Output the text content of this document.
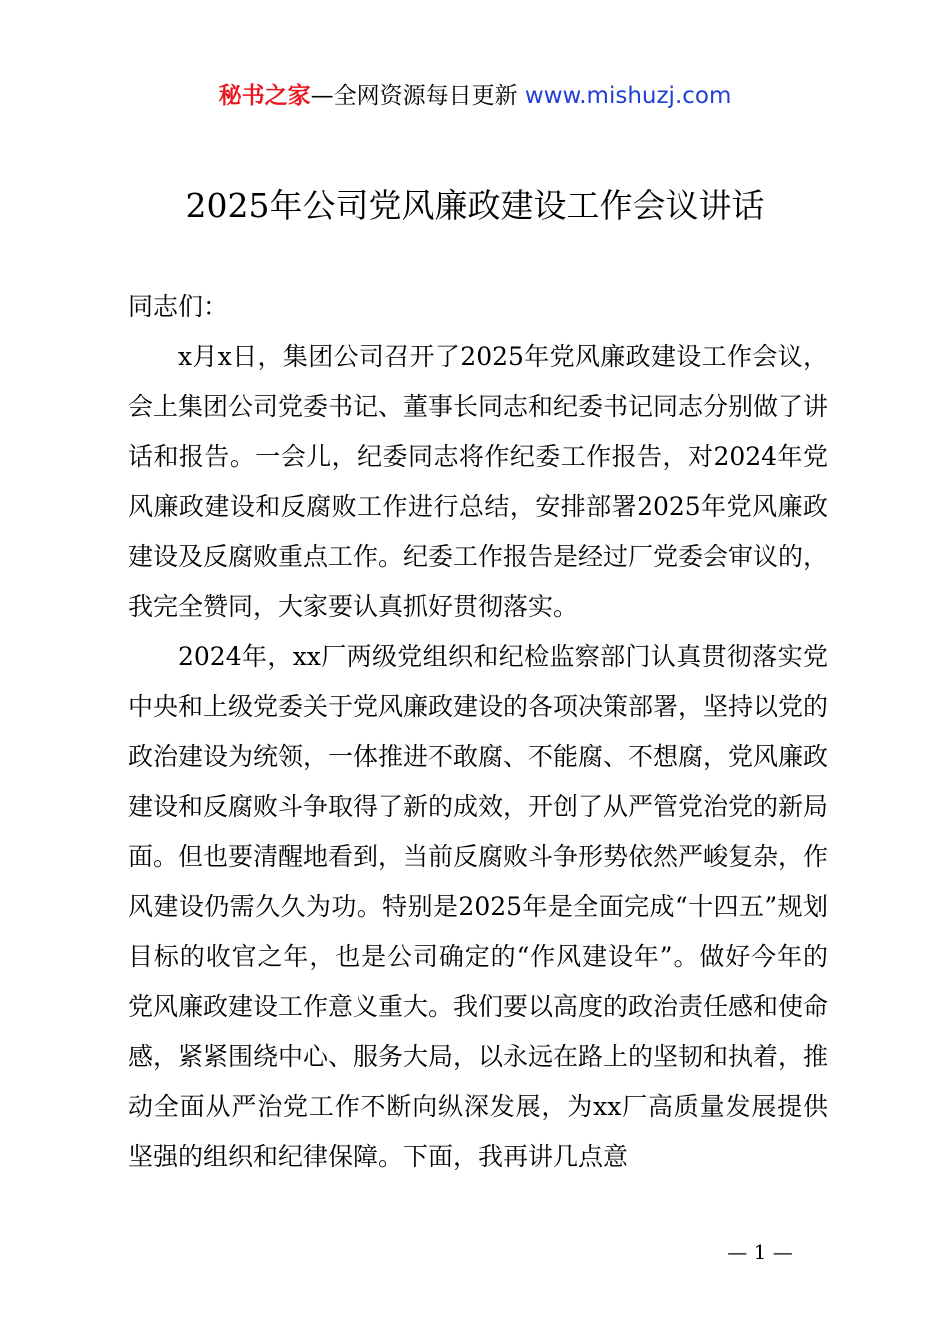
秘书之家—全网资源每日更新 www.mishuzj.com
2025年公司党风廉政建设工作会议讲话

同志们：

x月x日，集团公司召开了2025年党风廉政建设工作会议，会上集团公司党委书记、董事长同志和纪委书记同志分别做了讲话和报告。一会儿，纪委同志将作纪委工作报告，对2024年党风廉政建设和反腐败工作进行总结，安排部署2025年党风廉政建设及反腐败重点工作。纪委工作报告是经过厂党委会审议的，我完全赞同，大家要认真抓好贯彻落实。

2024年，xx厂两级党组织和纪检监察部门认真贯彻落实党中央和上级党委关于党风廉政建设的各项决策部署，坚持以党的政治建设为统领，一体推进不敢腐、不能腐、不想腐，党风廉政建设和反腐败斗争取得了新的成效，开创了从严管党治党的新局面。但也要清醒地看到，当前反腐败斗争形势依然严峻复杂，作风建设仍需久久为功。特别是2025年是全面完成“十四五”规划目标的收官之年，也是公司确定的“作风建设年”。做好今年的党风廉政建设工作意义重大。我们要以高度的政治责任感和使命感，紧紧围绕中心、服务大局，以永远在路上的坚韧和执着，推动全面从严治党工作不断向纵深发展，为xx厂高质量发展提供坚强的组织和纪律保障。下面，我再讲几点意

— 1 —
